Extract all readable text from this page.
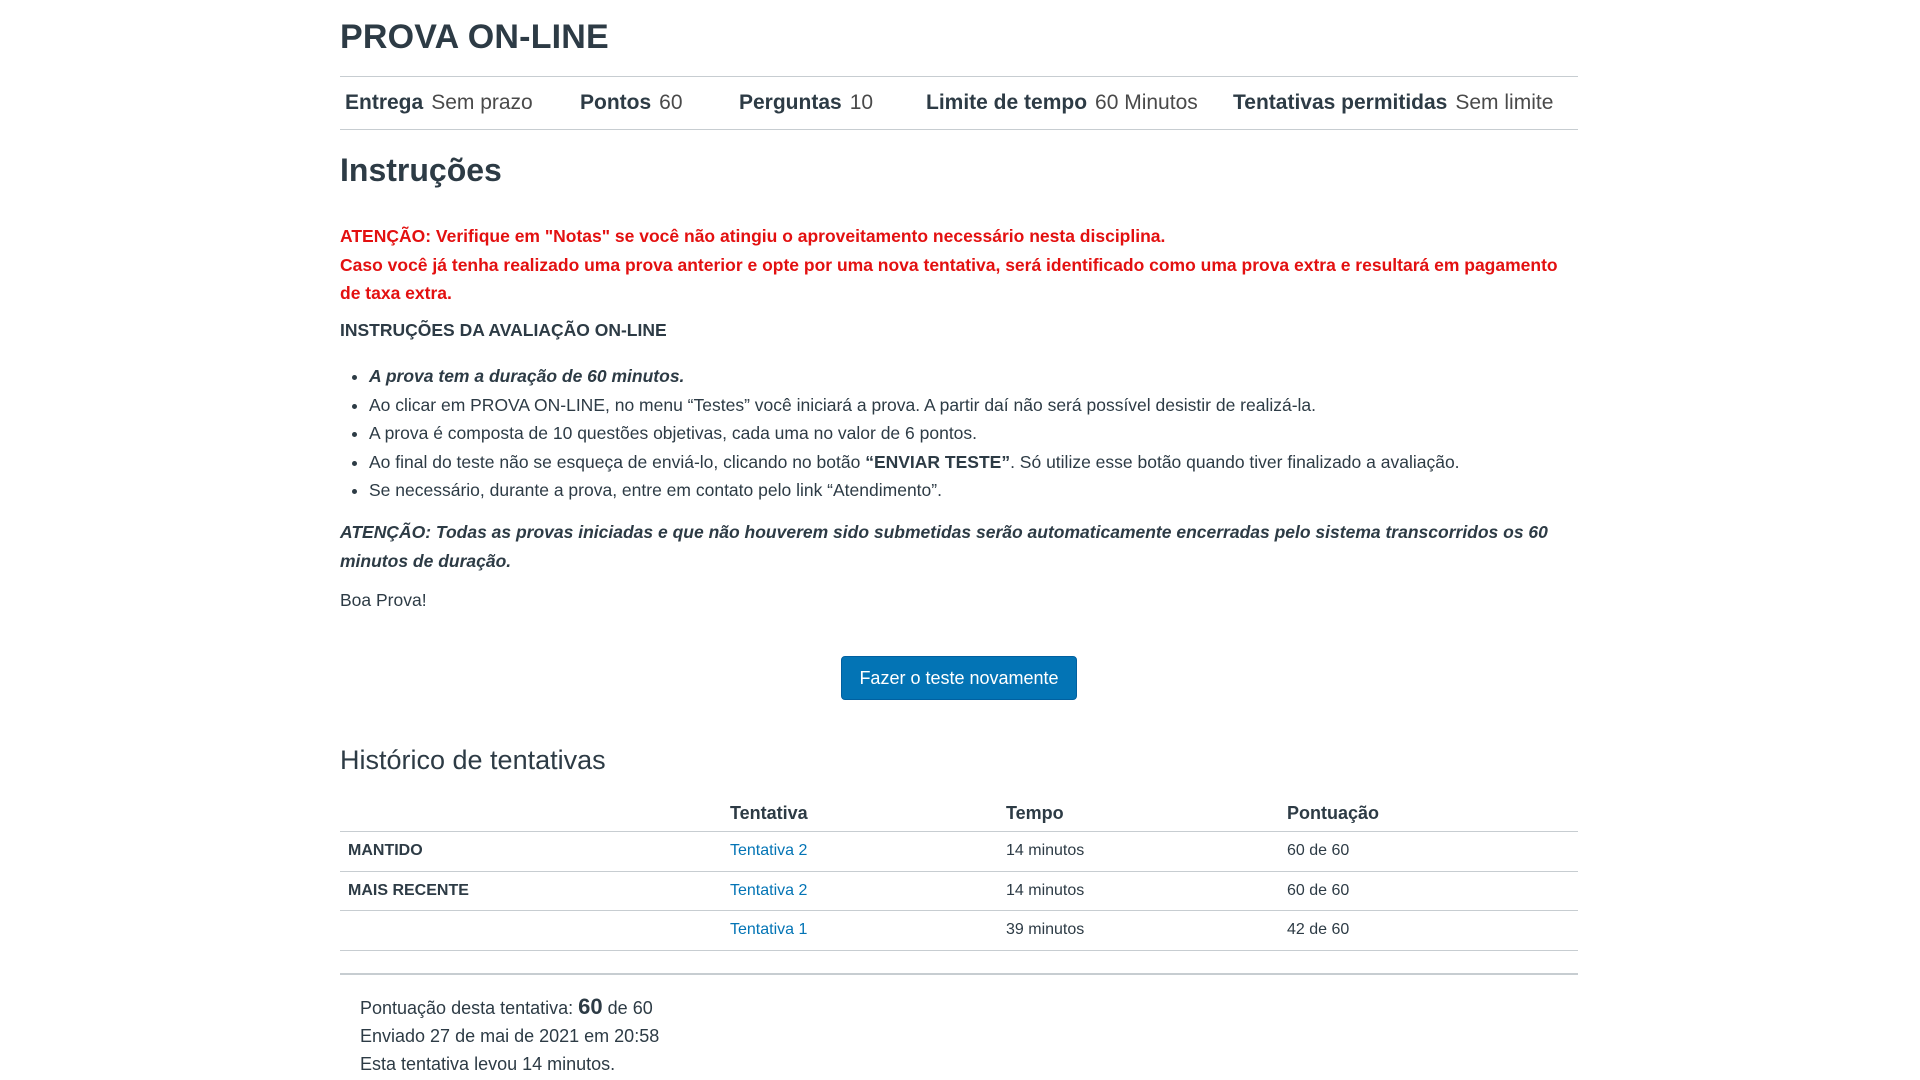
PROVA ON-LINE
Entrega Sem prazo Pontos 60	Perguntas 10	Limite de tempo 60 Minutos Tentativas permitidas Sem limite
Instruções
ATENÇÃO: Verifique em "Notas" se você não atingiu o aproveitamento necessário nesta disciplina.
Caso você já tenha realizado uma prova anterior e opte por uma nova tentativa, será identificado como uma prova extra e resultará em pagamento de taxa extra.
INSTRUÇÕES DA AVALIAÇÃO ON-LINE
• A prova tem a duração de 60 minutos.
• Ao clicar em PROVA ON-LINE, no menu “Testes” você iniciará a prova. A partir daí não será possível desistir de realizá-la.
• A prova é composta de 10 questões objetivas, cada uma no valor de 6 pontos.
• Ao final do teste não se esqueça de enviá-lo, clicando no botão “ENVIAR TESTE”. Só utilize esse botão quando tiver finalizado a avaliação.
• Se necessário, durante a prova, entre em contato pelo link “Atendimento”.
ATENÇÃO: Todas as provas iniciadas e que não houverem sido submetidas serão automaticamente encerradas pelo sistema transcorridos os 60 minutos de duração.
Boa Prova!
Fazer o teste novamente
Histórico de tentativas
	Tentativa	Tempo	Pontuação
MANTIDO	Tentativa 2	14 minutos	60 de 60
MAIS RECENTE	Tentativa 2	14 minutos	60 de 60
	Tentativa 1	39 minutos	42 de 60
Pontuação desta tentativa: 60 de 60
Enviado 27 de mai de 2021 em 20:58
Esta tentativa levou 14 minutos.
